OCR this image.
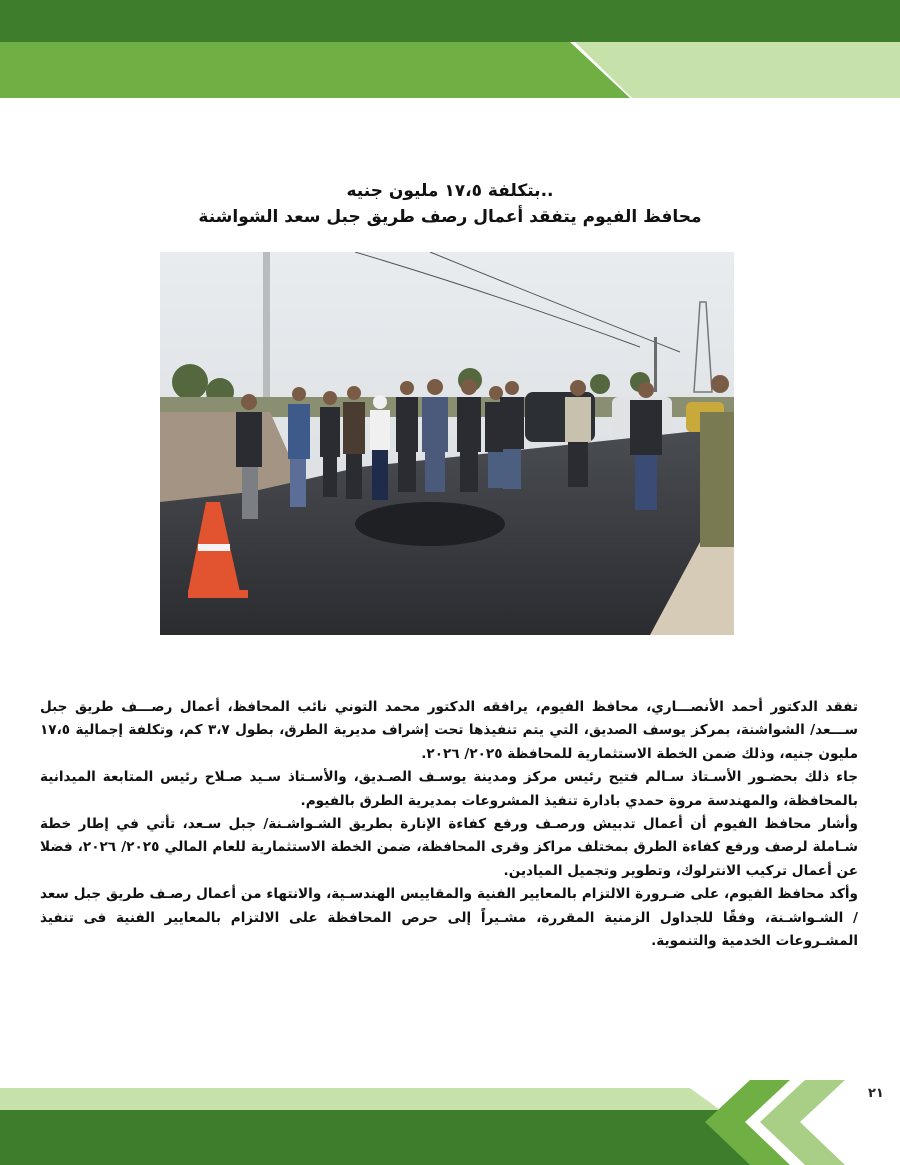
..بتكلفة ١٧،٥ مليون جنيه
محافظ الفيوم يتفقد أعمال رصف طريق جبل سعد الشواشنة

تفقد الدكتور أحمد الأنصـــاري، محافظ الفيوم، يرافقه الدكتور محمد التوني نائب المحافظ، أعمال رصـــف طريق جبل ســـعد/ الشواشنة، بمركز يوسف الصديق، التي يتم تنفيذها تحت إشراف مديرية الطرق، بطول ٣،٧ كم، وتكلفة إجمالية ١٧،٥ مليون جنيه، وذلك ضمن الخطة الاستثمارية للمحافظة ٢٠٢٥/ ٢٠٢٦.

جاء ذلك بحضـور الأسـتاذ سـالم فتيح رئيس مركز ومدينة يوسـف الصـديق، والأسـتاذ سـيد صـلاح رئيس المتابعة الميدانية بالمحافظة، والمهندسة مروة حمدي بادارة تنفيذ المشروعات بمديرية الطرق بالفيوم.

وأشار محافظ الفيوم أن أعمال تدبيش ورصـف ورفع كفاءة الإنارة بطريق الشـواشـنة/ جبل سـعد، تأتي في إطار خطة شـاملة لرصف ورفع كفاءة الطرق بمختلف مراكز وقرى المحافظة، ضمن الخطة الاستثمارية للعام المالي ٢٠٢٥/ ٢٠٢٦، فضلا عن أعمال تركيب الانترلوك، وتطوير وتجميل الميادين.

وأكد محافظ الفيوم، على ضـرورة الالتزام بالمعايير الفنية والمقاييس الهندسـية، والانتهاء من أعمال رصـف طريق جبل سعد / الشـواشـنة، وفقًا للجداول الزمنية المقررة، مشـيراً إلى حرص المحافظة على الالتزام بالمعايير الفنية فى تنفيذ المشـروعات الخدمية والتنموية.

٢١
